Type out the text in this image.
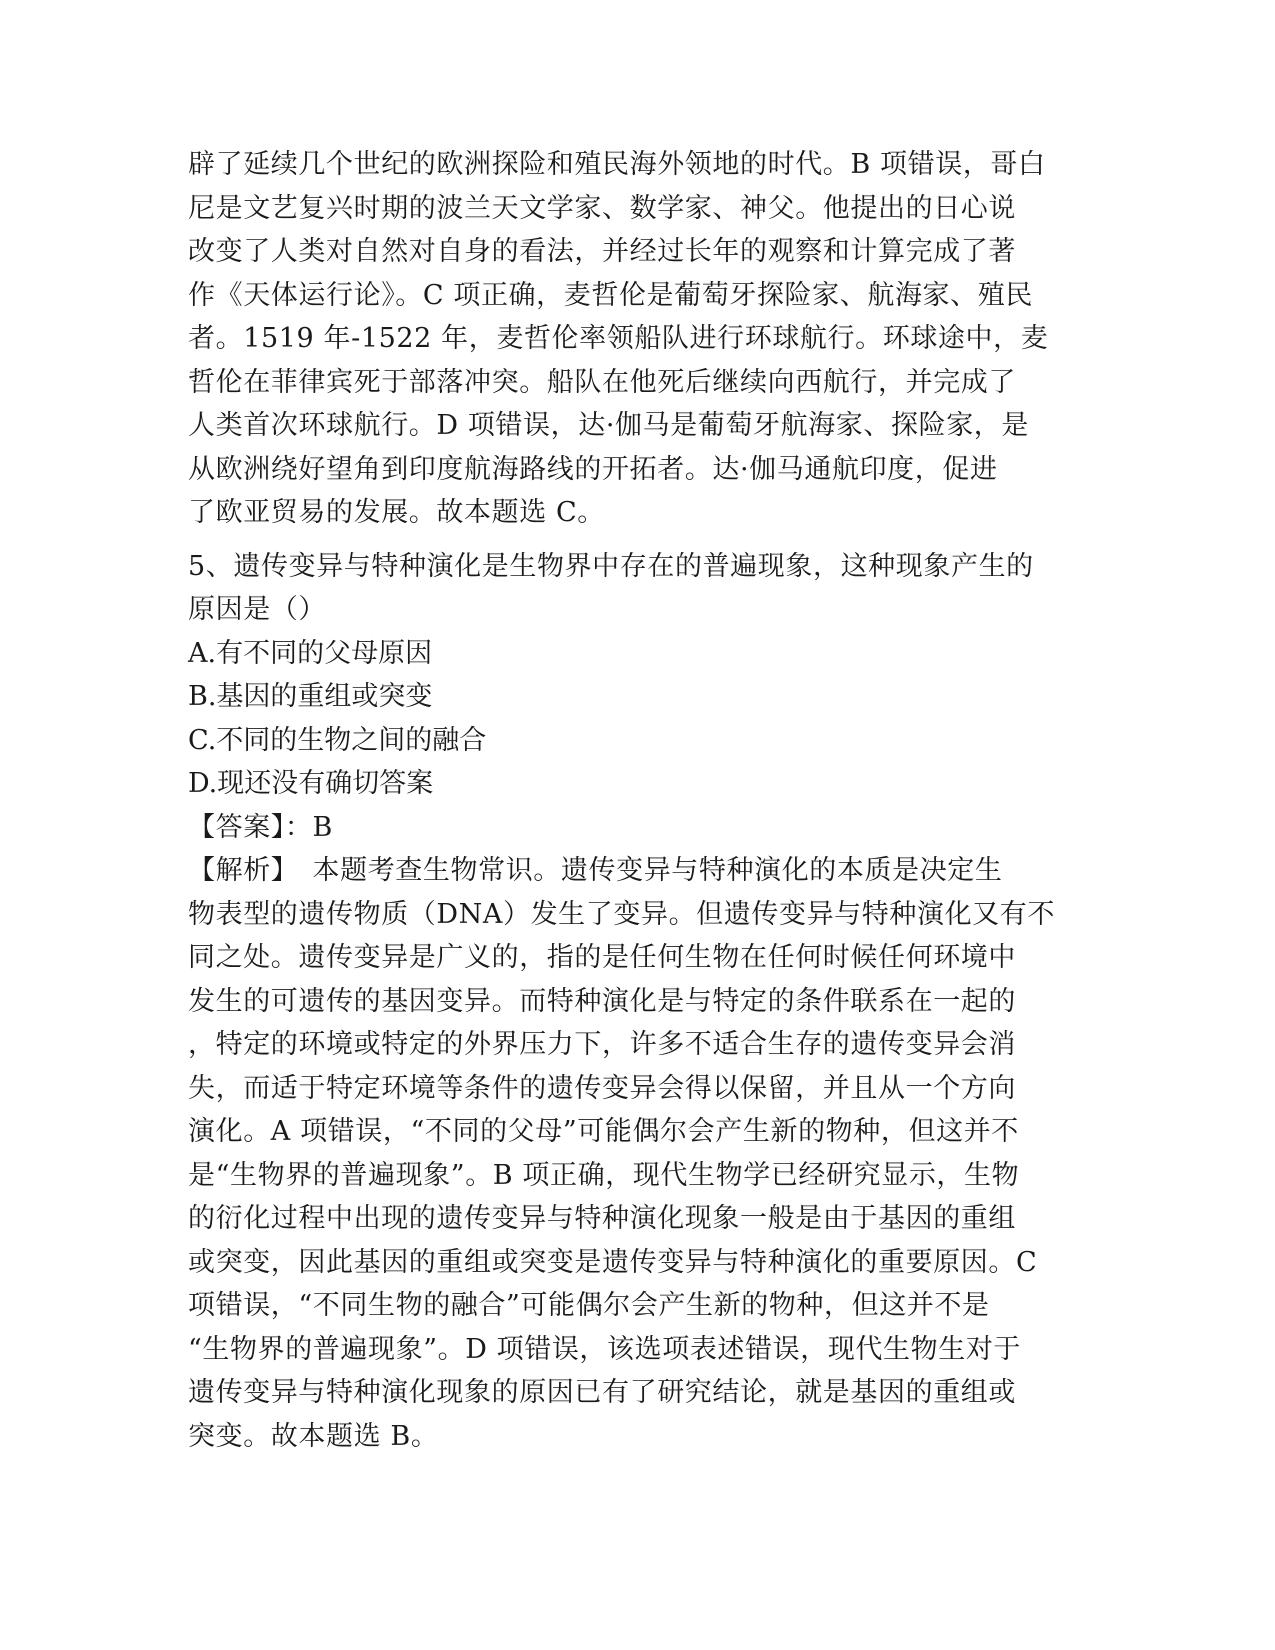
辟了延续几个世纪的欧洲探险和殖民海外领地的时代。B 项错误，哥白
尼是文艺复兴时期的波兰天文学家、数学家、神父。他提出的日心说
改变了人类对自然对自身的看法，并经过长年的观察和计算完成了著
作《天体运行论》。C 项正确，麦哲伦是葡萄牙探险家、航海家、殖民
者。1519 年-1522 年，麦哲伦率领船队进行环球航行。环球途中，麦
哲伦在菲律宾死于部落冲突。船队在他死后继续向西航行，并完成了
人类首次环球航行。D 项错误，达·伽马是葡萄牙航海家、探险家，是
从欧洲绕好望角到印度航海路线的开拓者。达·伽马通航印度，促进
了欧亚贸易的发展。故本题选 C。
5、遗传变异与特种演化是生物界中存在的普遍现象，这种现象产生的
原因是（）
A.有不同的父母原因
B.基因的重组或突变
C.不同的生物之间的融合
D.现还没有确切答案
【答案】：B
【解析】　本题考查生物常识。遗传变异与特种演化的本质是决定生
物表型的遗传物质（DNA）发生了变异。但遗传变异与特种演化又有不
同之处。遗传变异是广义的，指的是任何生物在任何时候任何环境中
发生的可遗传的基因变异。而特种演化是与特定的条件联系在一起的
，特定的环境或特定的外界压力下，许多不适合生存的遗传变异会消
失，而适于特定环境等条件的遗传变异会得以保留，并且从一个方向
演化。A 项错误，“不同的父母”可能偶尔会产生新的物种，但这并不
是“生物界的普遍现象”。B 项正确，现代生物学已经研究显示，生物
的衍化过程中出现的遗传变异与特种演化现象一般是由于基因的重组
或突变，因此基因的重组或突变是遗传变异与特种演化的重要原因。C
项错误，“不同生物的融合”可能偶尔会产生新的物种，但这并不是
“生物界的普遍现象”。D 项错误，该选项表述错误，现代生物生对于
遗传变异与特种演化现象的原因已有了研究结论，就是基因的重组或
突变。故本题选 B。
